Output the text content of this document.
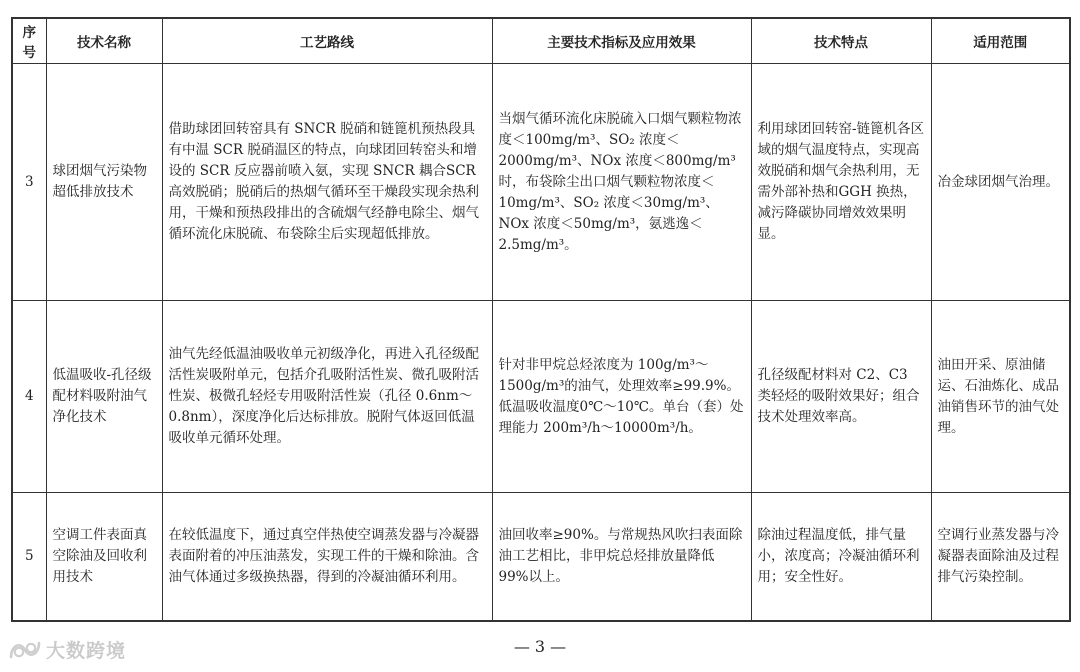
序号	技术名称	工艺路线	主要技术指标及应用效果	技术特点	适用范围
3	球团烟气污染物超低排放技术	借助球团回转窑具有 SNCR 脱硝和链篦机预热段具有中温 SCR 脱硝温区的特点，向球团回转窑头和增设的 SCR 反应器前喷入氨，实现 SNCR 耦合SCR 高效脱硝；脱硝后的热烟气循环至干燥段实现余热利用，干燥和预热段排出的含硫烟气经静电除尘、烟气循环流化床脱硫、布袋除尘后实现超低排放。	当烟气循环流化床脱硫入口烟气颗粒物浓度＜100mg/m³、SO₂ 浓度＜2000mg/m³、NOx 浓度＜800mg/m³时，布袋除尘出口烟气颗粒物浓度＜10mg/m³、SO₂ 浓度＜30mg/m³、NOx 浓度＜50mg/m³，氨逃逸＜2.5mg/m³。	利用球团回转窑-链篦机各区域的烟气温度特点，实现高效脱硝和烟气余热利用，无需外部补热和GGH 换热，减污降碳协同增效效果明显。	冶金球团烟气治理。
4	低温吸收-孔径级配材料吸附油气净化技术	油气先经低温油吸收单元初级净化，再进入孔径级配活性炭吸附单元，包括介孔吸附活性炭、微孔吸附活性炭、极微孔轻烃专用吸附活性炭（孔径 0.6nm～0.8nm），深度净化后达标排放。脱附气体返回低温吸收单元循环处理。	针对非甲烷总烃浓度为 100g/m³～1500g/m³的油气，处理效率≥99.9%。低温吸收温度0℃～10℃。单台（套）处理能力 200m³/h～10000m³/h。	孔径级配材料对 C2、C3 类轻烃的吸附效果好；组合技术处理效率高。	油田开采、原油储运、石油炼化、成品油销售环节的油气处理。
5	空调工件表面真空除油及回收利用技术	在较低温度下，通过真空伴热使空调蒸发器与冷凝器表面附着的冲压油蒸发，实现工件的干燥和除油。含油气体通过多级换热器，得到的冷凝油循环利用。	油回收率≥90%。与常规热风吹扫表面除油工艺相比，非甲烷总烃排放量降低 99%以上。	除油过程温度低，排气量小，浓度高；冷凝油循环利用；安全性好。	空调行业蒸发器与冷凝器表面除油及过程排气污染控制。
大数跨境	— 3 —
